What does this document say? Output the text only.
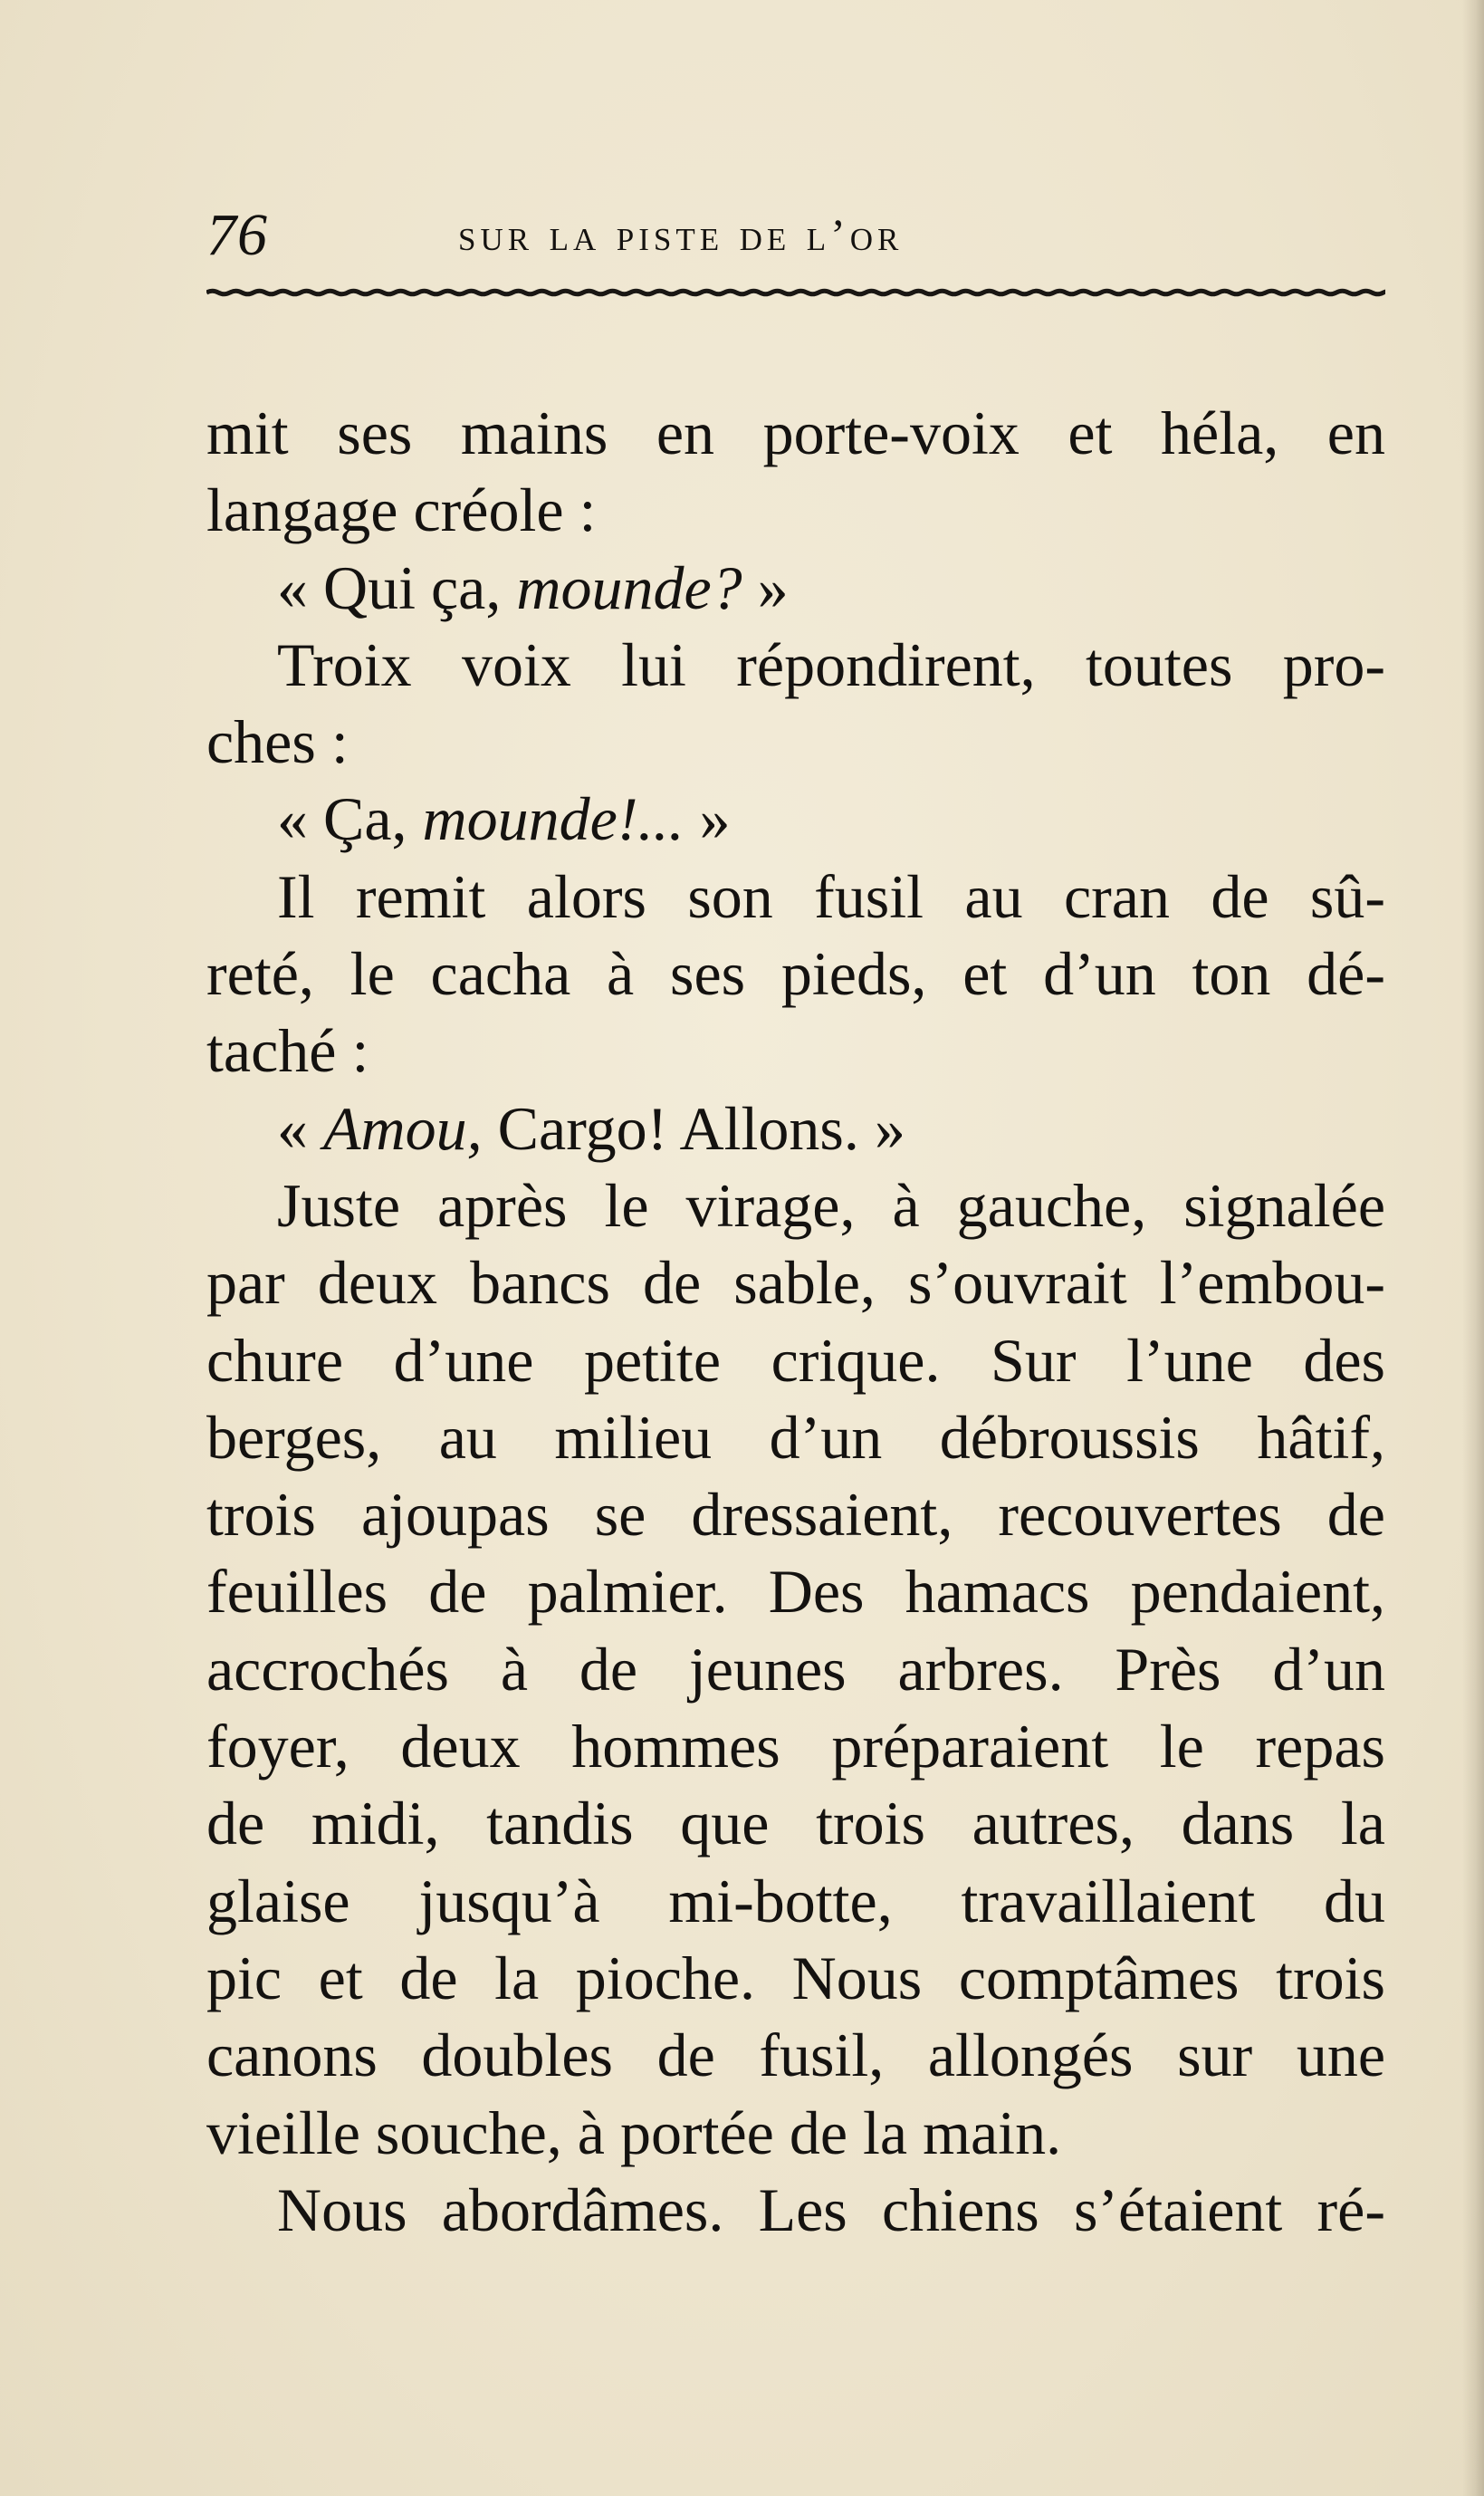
76	sur la piste de l’or
mit ses mains en porte-voix et héla, en
langage créole :
« Qui ça, mounde? »
Troix voix lui répondirent, toutes pro-
ches :
« Ça, mounde!... »
Il remit alors son fusil au cran de sû-
reté, le cacha à ses pieds, et d’un ton dé-
taché :
« Amou, Cargo! Allons. »
Juste après le virage, à gauche, signalée
par deux bancs de sable, s’ouvrait l’embou-
chure d’une petite crique. Sur l’une des
berges, au milieu d’un débroussis hâtif,
trois ajoupas se dressaient, recouvertes de
feuilles de palmier. Des hamacs pendaient,
accrochés à de jeunes arbres. Près d’un
foyer, deux hommes préparaient le repas
de midi, tandis que trois autres, dans la
glaise jusqu’à mi-botte, travaillaient du
pic et de la pioche. Nous comptâmes trois
canons doubles de fusil, allongés sur une
vieille souche, à portée de la main.
Nous abordâmes. Les chiens s’étaient ré-
